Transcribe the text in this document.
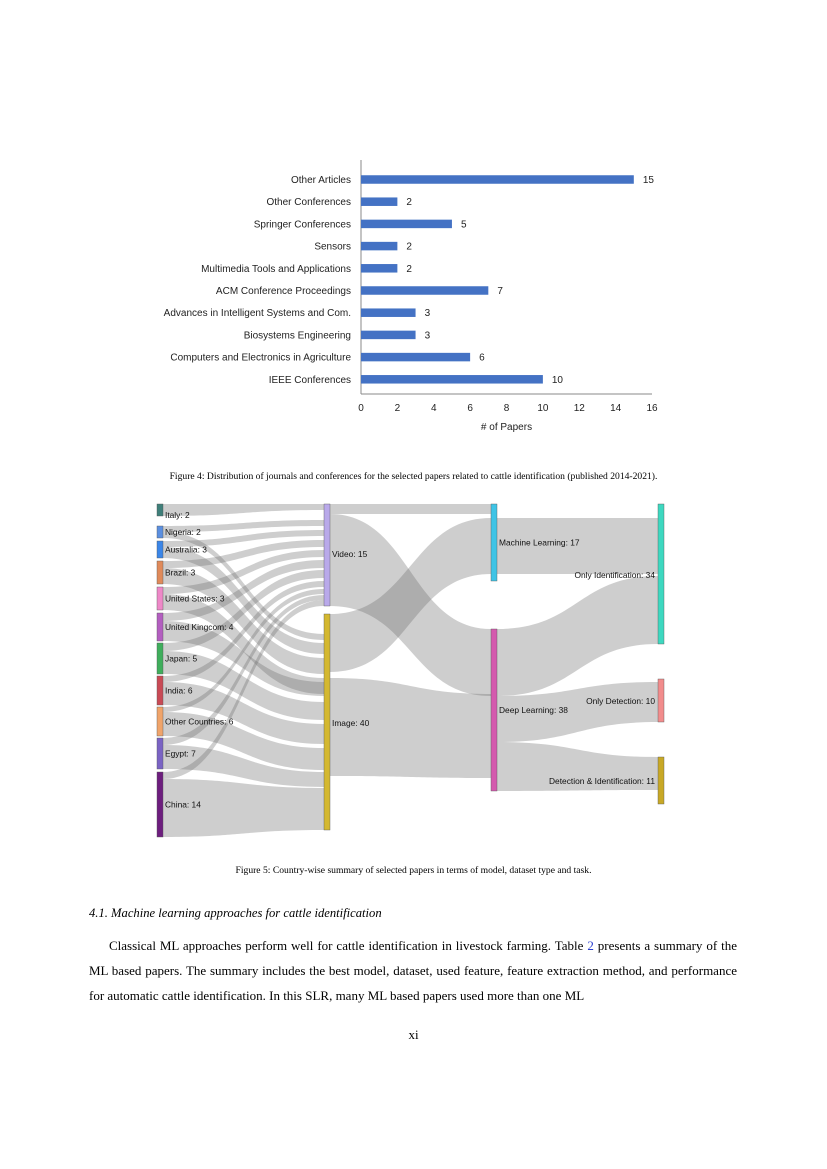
Other Articles	15
Other Conferences	2
Springer Conferences	5
Sensors	2
Multimedia Tools and Applications	2
ACM Conference Proceedings	7
Advances in Intelligent Systems and Com.	3
Biosystems Engineering	3
Computers and Electronics in Agriculture	6
IEEE Conferences	10
0	2	4	6	8	10	12	14	16
# of Papers
Figure 4: Distribution of journals and conferences for the selected papers related to cattle identification (published 2014-2021).
Italy: 2
Nigeria: 2
Australia: 3
Brazil: 3
United States: 3
United Kingcom: 4
Japan: 5
India: 6
Other Countries: 6
Egypt: 7
China: 14
Video: 15
Image: 40
Machine Learning: 17
Deep Learning: 38
Only Identification: 34
Only Detection: 10
Detection & Identification: 11
Figure 5: Country-wise summary of selected papers in terms of model, dataset type and task.
4.1. Machine learning approaches for cattle identification

Classical ML approaches perform well for cattle identification in livestock farming. Table 2 presents a summary of the ML based papers. The summary includes the best model, dataset, used feature, feature extraction method, and performance for automatic cattle identification. In this SLR, many ML based papers used more than one ML

xi
